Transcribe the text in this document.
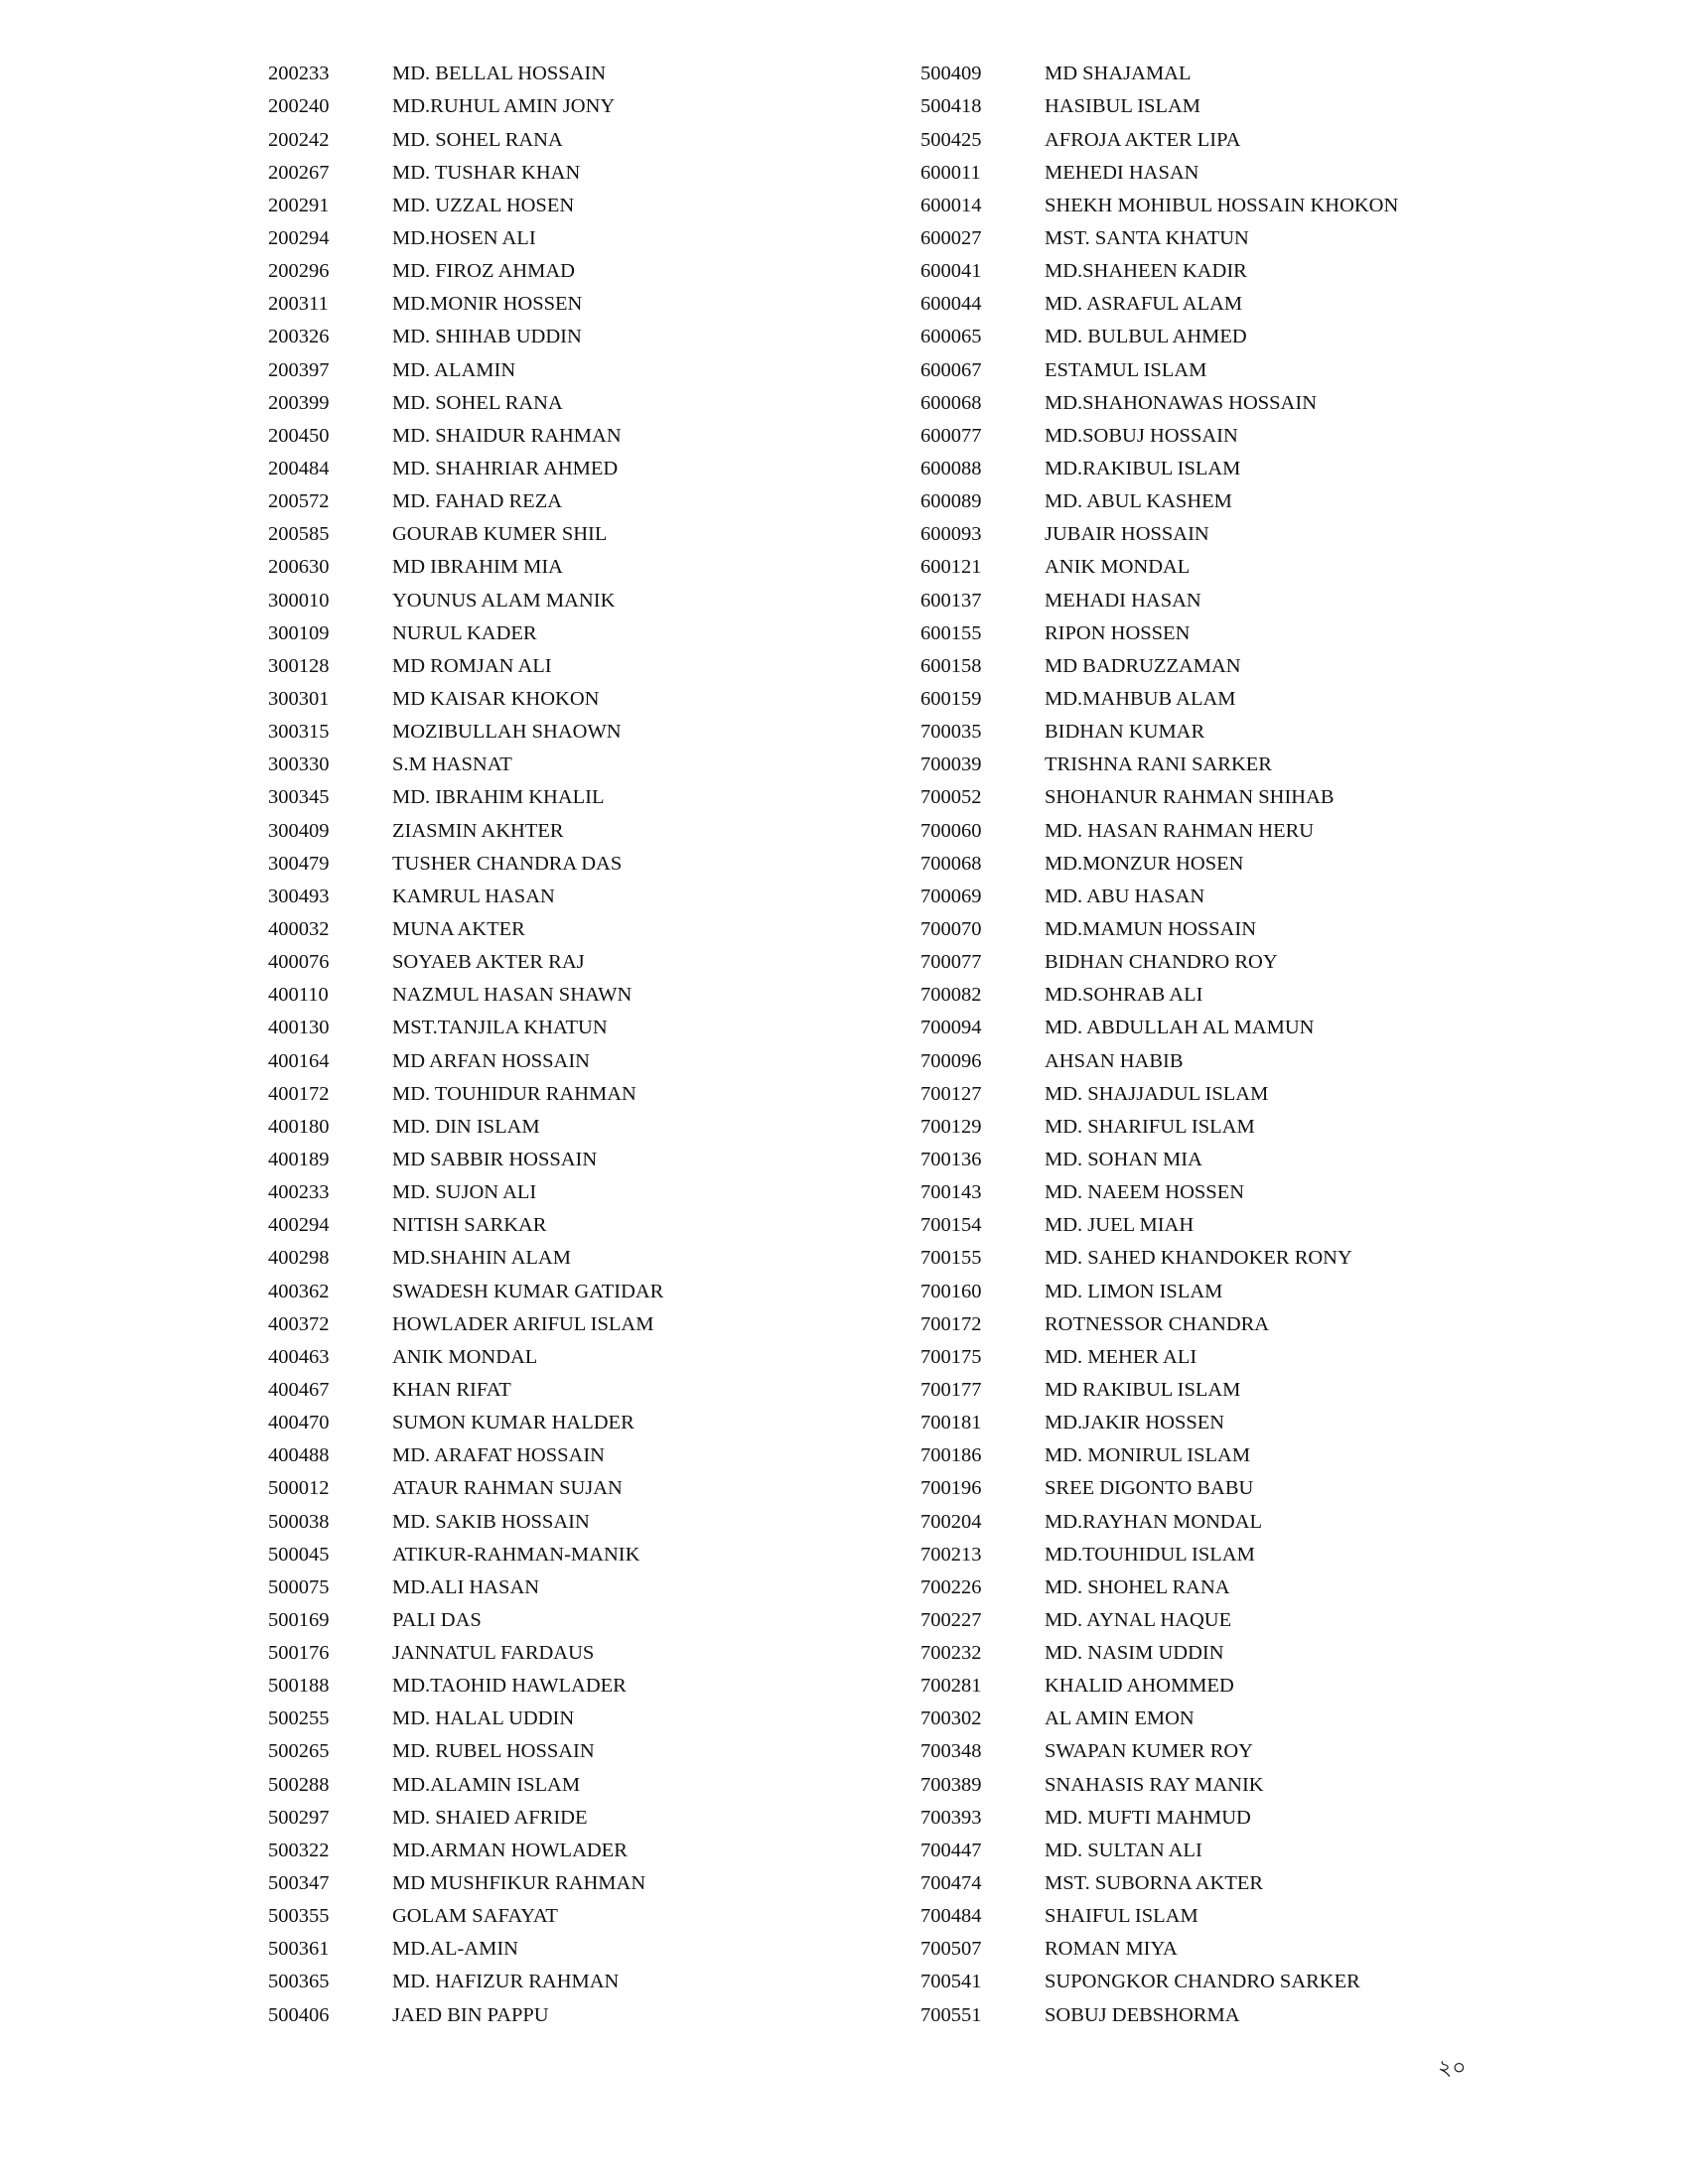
200233	MD. BELLAL HOSSAIN
200240	MD.RUHUL AMIN JONY
200242	MD. SOHEL RANA
200267	MD. TUSHAR KHAN
200291	MD. UZZAL HOSEN
200294	MD.HOSEN ALI
200296	MD. FIROZ AHMAD
200311	MD.MONIR HOSSEN
200326	MD. SHIHAB UDDIN
200397	MD. ALAMIN
200399	MD. SOHEL RANA
200450	MD. SHAIDUR RAHMAN
200484	MD. SHAHRIAR AHMED
200572	MD. FAHAD REZA
200585	GOURAB KUMER SHIL
200630	MD IBRAHIM MIA
300010	YOUNUS ALAM MANIK
300109	NURUL KADER
300128	MD ROMJAN ALI
300301	MD KAISAR KHOKON
300315	MOZIBULLAH SHAOWN
300330	S.M HASNAT
300345	MD. IBRAHIM KHALIL
300409	ZIASMIN AKHTER
300479	TUSHER CHANDRA DAS
300493	KAMRUL HASAN
400032	MUNA AKTER
400076	SOYAEB AKTER RAJ
400110	NAZMUL HASAN SHAWN
400130	MST.TANJILA KHATUN
400164	MD ARFAN HOSSAIN
400172	MD. TOUHIDUR RAHMAN
400180	MD. DIN ISLAM
400189	MD SABBIR HOSSAIN
400233	MD. SUJON ALI
400294	NITISH SARKAR
400298	MD.SHAHIN ALAM
400362	SWADESH KUMAR GATIDAR
400372	HOWLADER ARIFUL ISLAM
400463	ANIK MONDAL
400467	KHAN RIFAT
400470	SUMON KUMAR HALDER
400488	MD. ARAFAT HOSSAIN
500012	ATAUR RAHMAN SUJAN
500038	MD. SAKIB HOSSAIN
500045	ATIKUR-RAHMAN-MANIK
500075	MD.ALI HASAN
500169	PALI DAS
500176	JANNATUL FARDAUS
500188	MD.TAOHID HAWLADER
500255	MD. HALAL UDDIN
500265	MD. RUBEL HOSSAIN
500288	MD.ALAMIN ISLAM
500297	MD. SHAIED AFRIDE
500322	MD.ARMAN HOWLADER
500347	MD MUSHFIKUR RAHMAN
500355	GOLAM SAFAYAT
500361	MD.AL-AMIN
500365	MD. HAFIZUR RAHMAN
500406	JAED BIN PAPPU
500409	MD SHAJAMAL
500418	HASIBUL ISLAM
500425	AFROJA AKTER LIPA
600011	MEHEDI HASAN
600014	SHEKH MOHIBUL HOSSAIN KHOKON
600027	MST. SANTA KHATUN
600041	MD.SHAHEEN KADIR
600044	MD. ASRAFUL ALAM
600065	MD. BULBUL AHMED
600067	ESTAMUL ISLAM
600068	MD.SHAHONAWAS HOSSAIN
600077	MD.SOBUJ HOSSAIN
600088	MD.RAKIBUL ISLAM
600089	MD. ABUL KASHEM
600093	JUBAIR HOSSAIN
600121	ANIK MONDAL
600137	MEHADI HASAN
600155	RIPON HOSSEN
600158	MD BADRUZZAMAN
600159	MD.MAHBUB ALAM
700035	BIDHAN KUMAR
700039	TRISHNA RANI SARKER
700052	SHOHANUR RAHMAN SHIHAB
700060	MD. HASAN RAHMAN HERU
700068	MD.MONZUR HOSEN
700069	MD. ABU HASAN
700070	MD.MAMUN HOSSAIN
700077	BIDHAN CHANDRO ROY
700082	MD.SOHRAB ALI
700094	MD. ABDULLAH AL MAMUN
700096	AHSAN HABIB
700127	MD. SHAJJADUL ISLAM
700129	MD. SHARIFUL ISLAM
700136	MD. SOHAN MIA
700143	MD. NAEEM HOSSEN
700154	MD. JUEL MIAH
700155	MD. SAHED KHANDOKER RONY
700160	MD. LIMON ISLAM
700172	ROTNESSOR CHANDRA
700175	MD. MEHER ALI
700177	MD RAKIBUL ISLAM
700181	MD.JAKIR HOSSEN
700186	MD. MONIRUL ISLAM
700196	SREE DIGONTO BABU
700204	MD.RAYHAN MONDAL
700213	MD.TOUHIDUL ISLAM
700226	MD. SHOHEL RANA
700227	MD. AYNAL HAQUE
700232	MD. NASIM UDDIN
700281	KHALID AHOMMED
700302	AL AMIN EMON
700348	SWAPAN KUMER ROY
700389	SNAHASIS RAY MANIK
700393	MD. MUFTI MAHMUD
700447	MD. SULTAN ALI
700474	MST. SUBORNA AKTER
700484	SHAIFUL ISLAM
700507	ROMAN MIYA
700541	SUPONGKOR CHANDRO SARKER
700551	SOBUJ DEBSHORMA
২০
